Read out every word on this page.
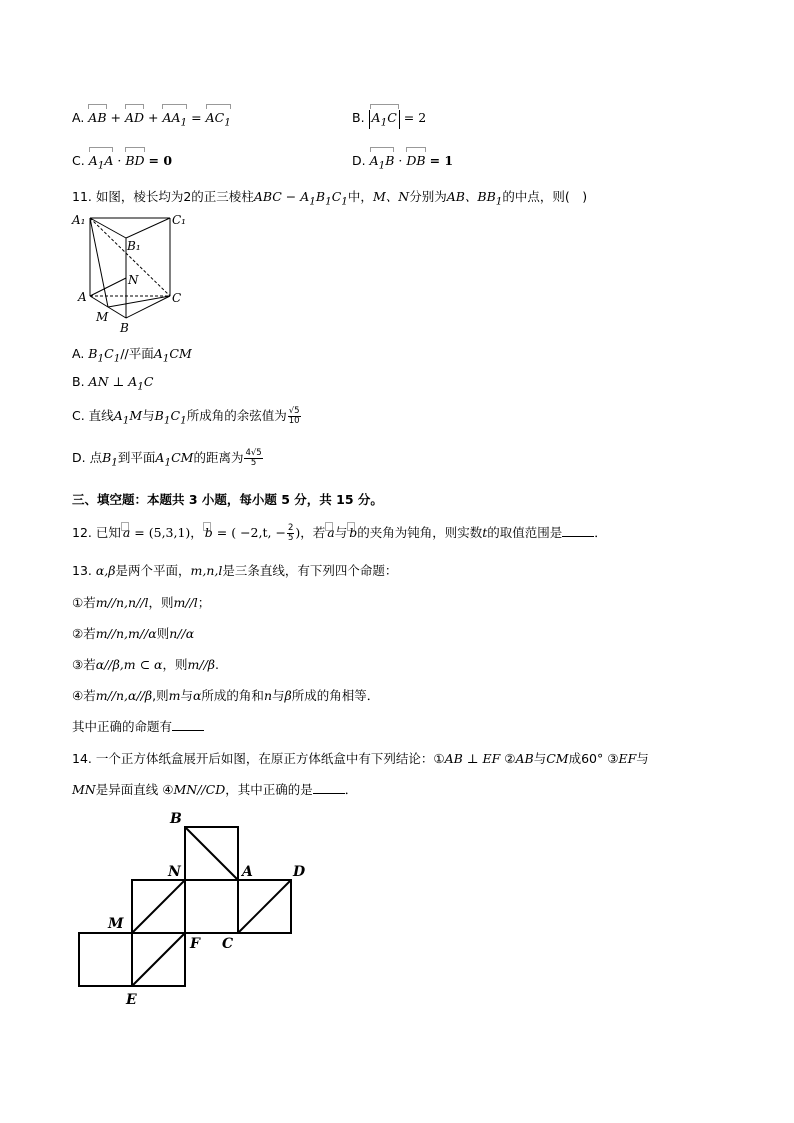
A. AB + AD + $AA_1 = AC_1$	B. $A_1C = 2$
C. $A_1A$ · BD = 0	D. $A_1B$ · DB = 1
11. 如图，棱长均为2的正三棱柱ABC − $A_1B_1C_1$中，M、N分别为AB、$BB_1$的中点，则(　)
A₁	C₁
B₁
N
A	C
M
B
A. $B_1C_1//$平面$A_1CM$
B. AN ⊥ $A_1C$
C. 直线$A_1M$与$B_1C_1$所成角的余弦值为 $\frac{√5}{10}$
D. 点$B_1$到平面$A_1CM$的距离为 $\frac{4√5}{5}$
三、填空题：本题共 3 小题，每小题 5 分，共 15 分。
12. 已知 a = (5,3,1)， b = ( −2,t, − $\frac{2}{5}$ )，若 a与 b的夹角为钝角，则实数t的取值范围是	．
13. α,β是两个平面，m,n,l是三条直线，有下列四个命题：
①若m//n,n//l，则m//l；
②若m//n,m//α则n//α
③若α//β,m ⊂ α，则m//β.
④若m//n,α//β,则m与α所成的角和n与β所成的角相等．
其中正确的命题有
14. 一个正方体纸盒展开后如图，在原正方体纸盒中有下列结论：①AB ⊥ EF ②AB与CM成60° ③EF与
MN是异面直线 ④MN//CD，其中正确的是	．
B
N	A	D
M
F C
E
